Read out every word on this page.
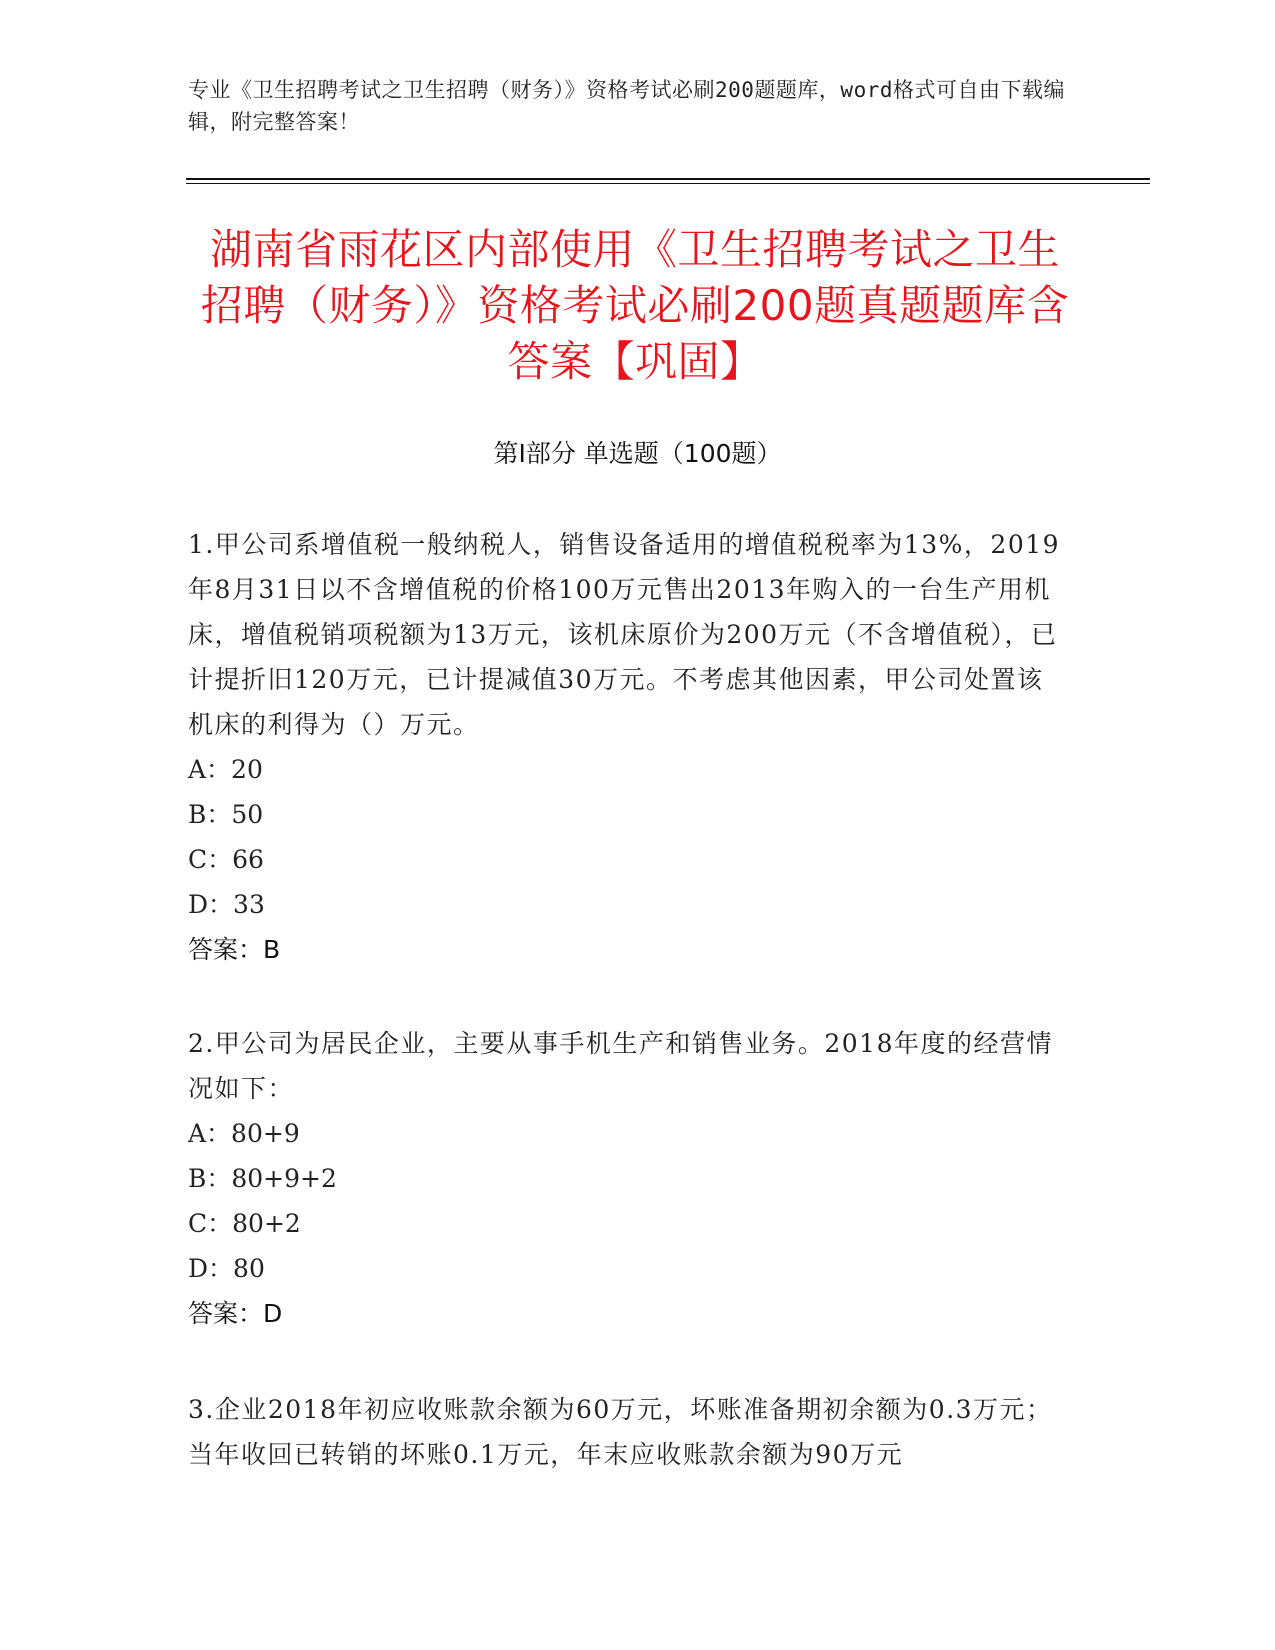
专业《卫生招聘考试之卫生招聘（财务）》资格考试必刷200题题库，word格式可自由下载编辑，附完整答案！
湖南省雨花区内部使用《卫生招聘考试之卫生招聘（财务）》资格考试必刷200题真题题库含答案【巩固】
第Ⅰ部分 单选题（100题）

1.甲公司系增值税一般纳税人，销售设备适用的增值税税率为13%，2019年8月31日以不含增值税的价格100万元售出2013年购入的一台生产用机床，增值税销项税额为13万元，该机床原价为200万元（不含增值税），已计提折旧120万元，已计提减值30万元。不考虑其他因素，甲公司处置该机床的利得为（）万元。

A：20

B：50

C：66

D：33

答案：B

2.甲公司为居民企业，主要从事手机生产和销售业务。2018年度的经营情况如下：

A：80+9

B：80+9+2

C：80+2

D：80

答案：D

3.企业2018年初应收账款余额为60万元，坏账准备期初余额为0.3万元；当年收回已转销的坏账0.1万元，年末应收账款余额为90万元
